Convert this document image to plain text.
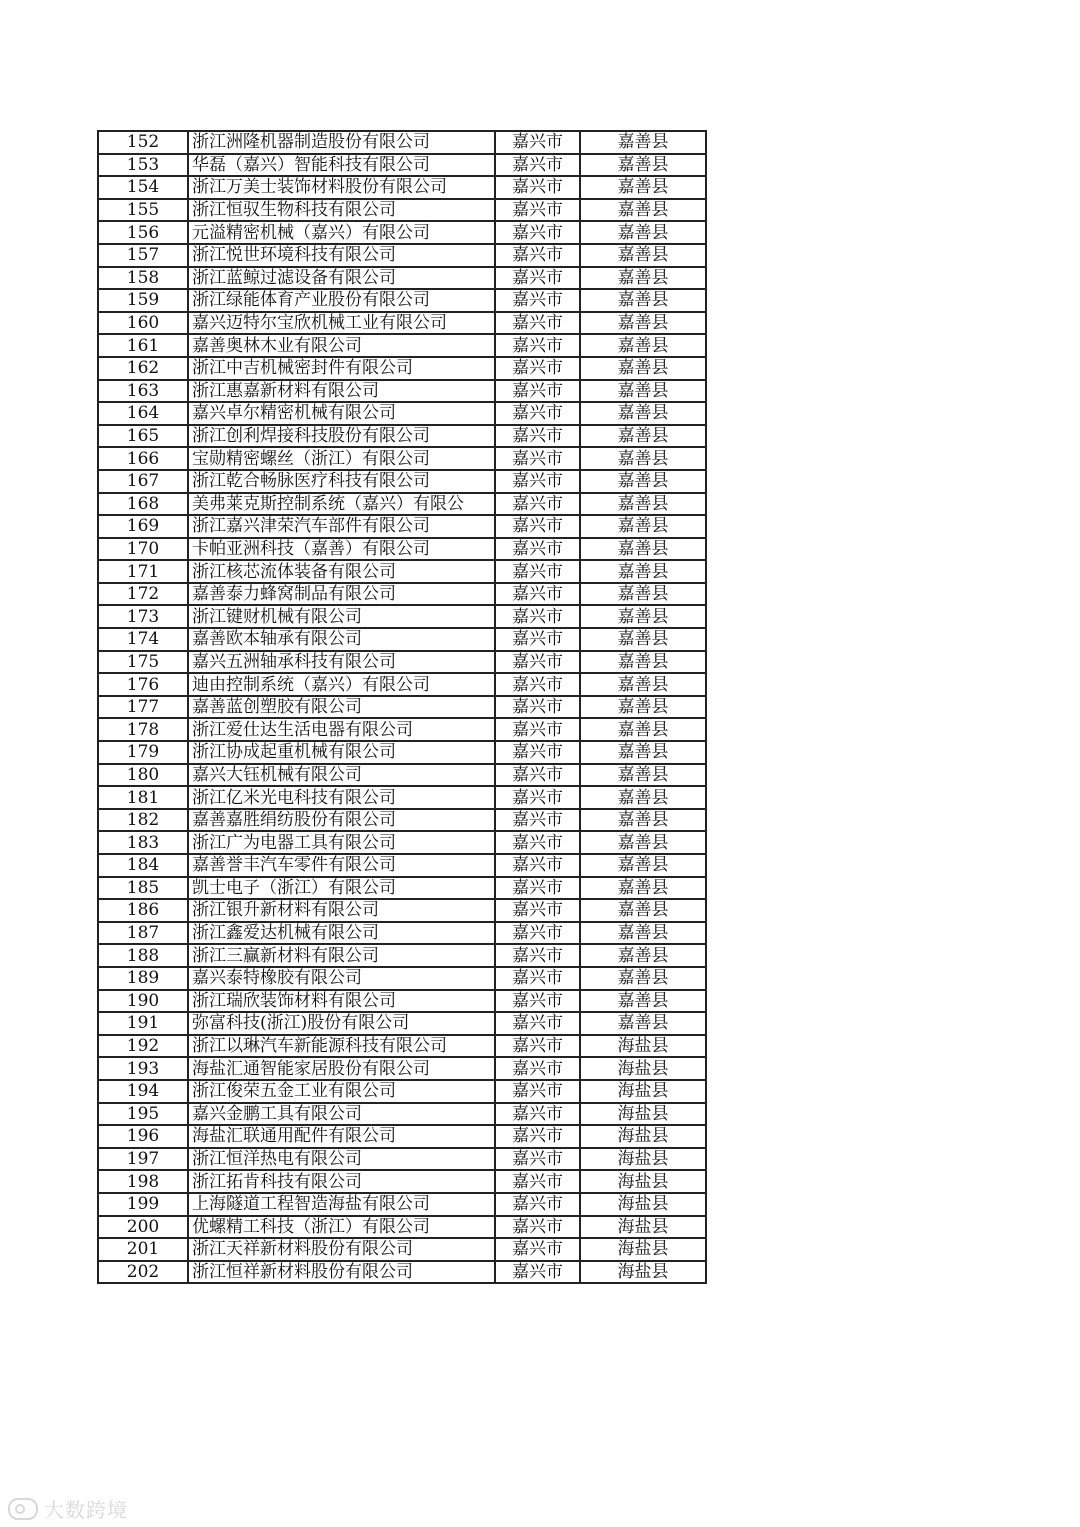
152	浙江洲隆机器制造股份有限公司	嘉兴市	嘉善县
153	华磊（嘉兴）智能科技有限公司	嘉兴市	嘉善县
154	浙江万美士装饰材料股份有限公司	嘉兴市	嘉善县
155	浙江恒驭生物科技有限公司	嘉兴市	嘉善县
156	元溢精密机械（嘉兴）有限公司	嘉兴市	嘉善县
157	浙江悦世环境科技有限公司	嘉兴市	嘉善县
158	浙江蓝鲸过滤设备有限公司	嘉兴市	嘉善县
159	浙江绿能体育产业股份有限公司	嘉兴市	嘉善县
160	嘉兴迈特尔宝欣机械工业有限公司	嘉兴市	嘉善县
161	嘉善奥林木业有限公司	嘉兴市	嘉善县
162	浙江中吉机械密封件有限公司	嘉兴市	嘉善县
163	浙江惠嘉新材料有限公司	嘉兴市	嘉善县
164	嘉兴卓尔精密机械有限公司	嘉兴市	嘉善县
165	浙江创利焊接科技股份有限公司	嘉兴市	嘉善县
166	宝勋精密螺丝（浙江）有限公司	嘉兴市	嘉善县
167	浙江乾合畅脉医疗科技有限公司	嘉兴市	嘉善县
168	美弗莱克斯控制系统（嘉兴）有限公	嘉兴市	嘉善县
169	浙江嘉兴津荣汽车部件有限公司	嘉兴市	嘉善县
170	卡帕亚洲科技（嘉善）有限公司	嘉兴市	嘉善县
171	浙江核芯流体装备有限公司	嘉兴市	嘉善县
172	嘉善泰力蜂窝制品有限公司	嘉兴市	嘉善县
173	浙江键财机械有限公司	嘉兴市	嘉善县
174	嘉善欧本轴承有限公司	嘉兴市	嘉善县
175	嘉兴五洲轴承科技有限公司	嘉兴市	嘉善县
176	迪由控制系统（嘉兴）有限公司	嘉兴市	嘉善县
177	嘉善蓝创塑胶有限公司	嘉兴市	嘉善县
178	浙江爱仕达生活电器有限公司	嘉兴市	嘉善县
179	浙江协成起重机械有限公司	嘉兴市	嘉善县
180	嘉兴大钰机械有限公司	嘉兴市	嘉善县
181	浙江亿米光电科技有限公司	嘉兴市	嘉善县
182	嘉善嘉胜绢纺股份有限公司	嘉兴市	嘉善县
183	浙江广为电器工具有限公司	嘉兴市	嘉善县
184	嘉善誉丰汽车零件有限公司	嘉兴市	嘉善县
185	凯士电子（浙江）有限公司	嘉兴市	嘉善县
186	浙江银升新材料有限公司	嘉兴市	嘉善县
187	浙江鑫爱达机械有限公司	嘉兴市	嘉善县
188	浙江三赢新材料有限公司	嘉兴市	嘉善县
189	嘉兴泰特橡胶有限公司	嘉兴市	嘉善县
190	浙江瑞欣装饰材料有限公司	嘉兴市	嘉善县
191	弥富科技(浙江)股份有限公司	嘉兴市	嘉善县
192	浙江以琳汽车新能源科技有限公司	嘉兴市	海盐县
193	海盐汇通智能家居股份有限公司	嘉兴市	海盐县
194	浙江俊荣五金工业有限公司	嘉兴市	海盐县
195	嘉兴金鹏工具有限公司	嘉兴市	海盐县
196	海盐汇联通用配件有限公司	嘉兴市	海盐县
197	浙江恒洋热电有限公司	嘉兴市	海盐县
198	浙江拓肯科技有限公司	嘉兴市	海盐县
199	上海隧道工程智造海盐有限公司	嘉兴市	海盐县
200	优螺精工科技（浙江）有限公司	嘉兴市	海盐县
201	浙江天祥新材料股份有限公司	嘉兴市	海盐县
202	浙江恒祥新材料股份有限公司	嘉兴市	海盐县
大数跨境
